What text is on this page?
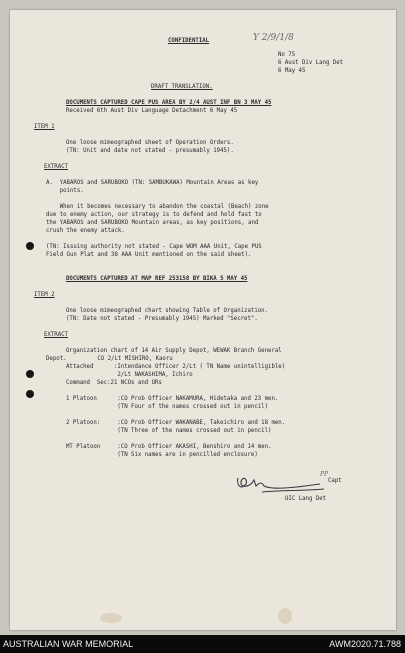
CONFIDENTIAL	Y 2/9/1/8
No 75
6 Aust Div Lang Det
6 May 45
DRAFT TRANSLATION.
DOCUMENTS CAPTURED CAPE PUS AREA BY 2/4 AUST INF BN 3 MAY 45
Received 6th Aust Div Language Detachment 6 May 45
ITEM 1
One loose mimeographed sheet of Operation Orders.
(TN: Unit and date not stated - presumably 1945).
EXTRACT
A.  YABAROS and SARUBOKO (TN: SAMBUKAWA) Mountain Areas as key
points.
When it becomes necessary to abandon the coastal (Beach) zone
due to enemy action, our strategy is to defend and hold fast to
the YABAROS and SARUBOKO Mountain areas, as key positions, and
crush the enemy attack.
(TN: Issuing authority not stated - Cape WOM AAA Unit, Cape PUS
Field Gun Plat and 38 AAA Unit mentioned on the said sheet).
DOCUMENTS CAPTURED AT MAP REF 253158 BY BIKA 5 MAY 45
ITEM 2
One loose mimeographed chart showing Table of Organization.
(TN: Date not stated - Presumably 1945) Marked "Secret".
EXTRACT
Organization chart of 14 Air Supply Depot, WEWAK Branch General
Depot.         CO 2/Lt MISHIRO, Kaoru
Attached      :Intendance Officer 2/Lt ( TN Name unintelligible)
2/Lt NAKASHIMA, Ichiro
Command  Sec:21 NCOs and ORs
1 Platoon      :CO Prob Officer NAKAMURA, Hidetaka and 23 men.
(TN Four of the names crossed out in pencil)
2 Platoon:     :CO Prob Officer WAKANABE, Takeichiro and 18 men.
(TN Three of the names crossed out in pencil)
MT Platoon     :CO Prob Officer AKASHI, Benshiro and 14 men.
(TN Six names are in pencilled enclosure)
PP
Capt
OIC Lang Det
AUSTRALIAN WAR MEMORIAL	AWM2020.71.788
